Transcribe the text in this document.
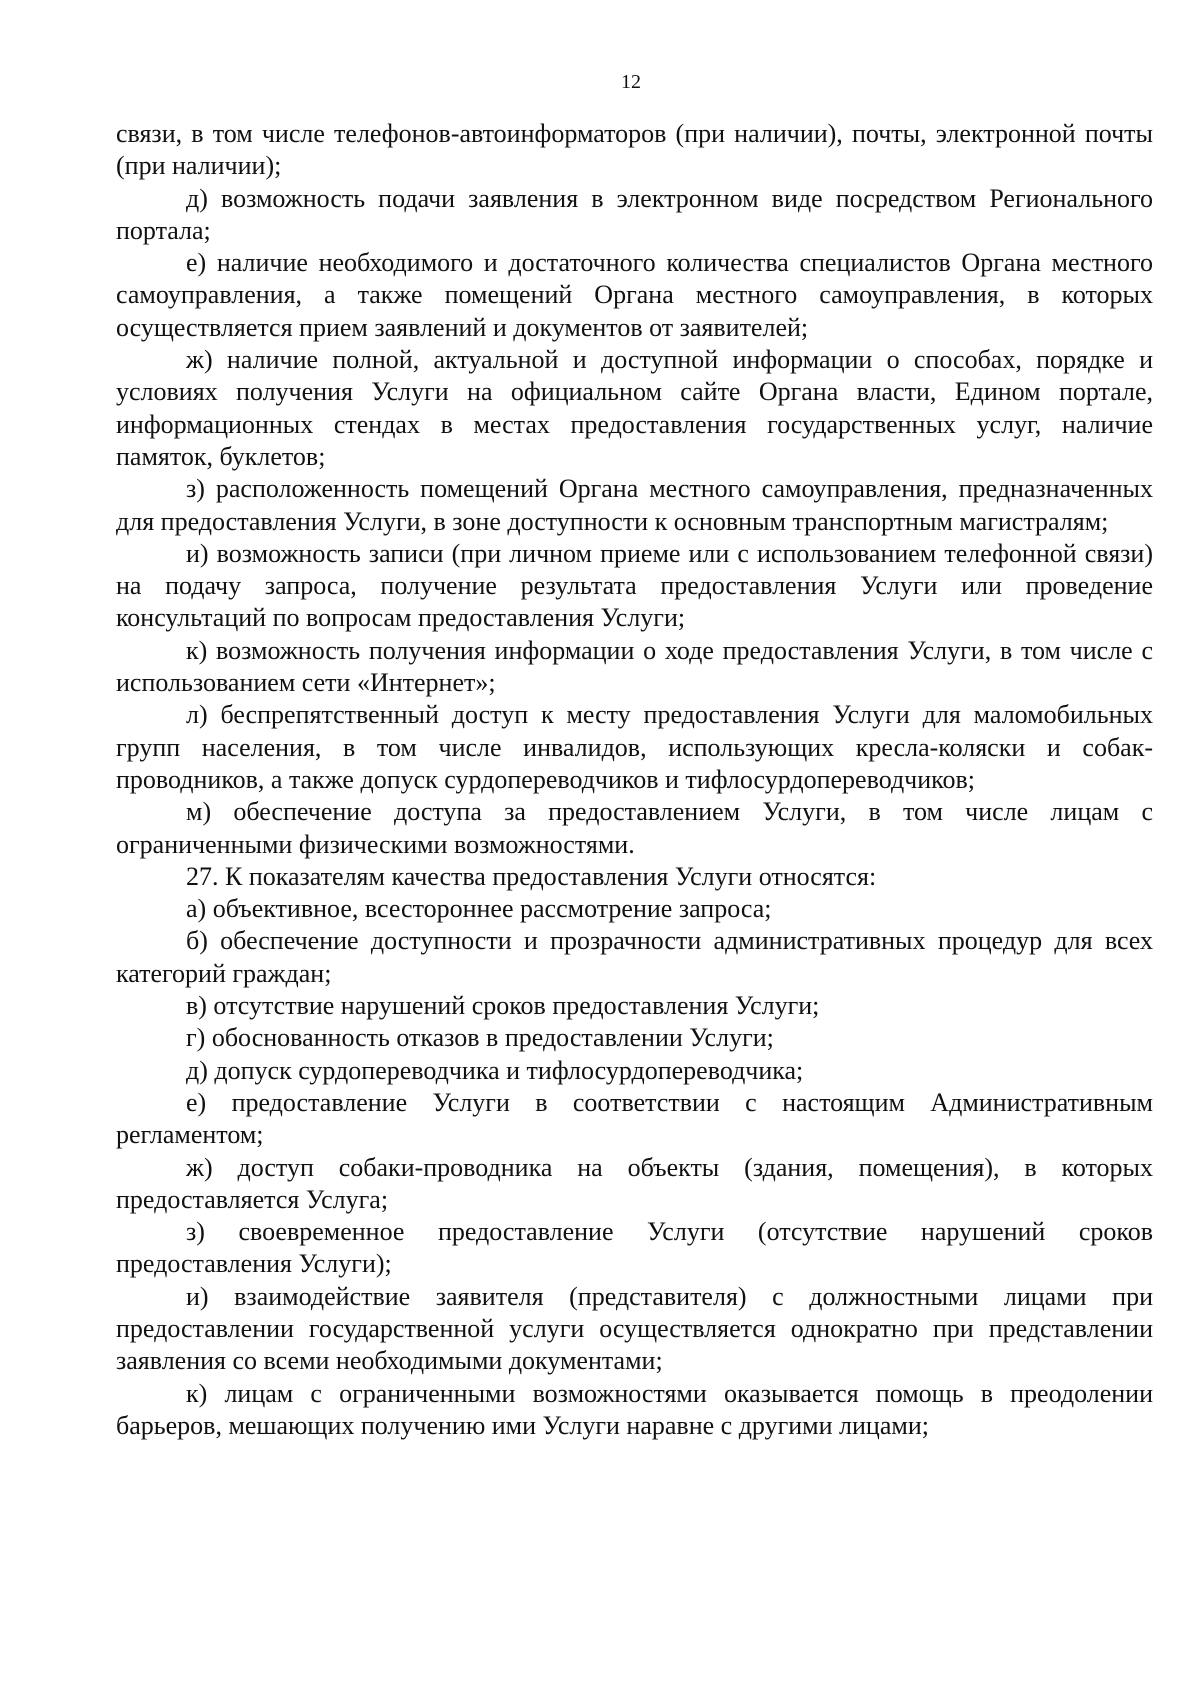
12

связи, в том числе телефонов-автоинформаторов (при наличии), почты, электронной почты (при наличии);

д) возможность подачи заявления в электронном виде посредством Регионального портала;

е) наличие необходимого и достаточного количества специалистов Органа местного самоуправления, а также помещений Органа местного самоуправления, в которых осуществляется прием заявлений и документов от заявителей;

ж) наличие полной, актуальной и доступной информации о способах, порядке и условиях получения Услуги на официальном сайте Органа власти, Едином портале, информационных стендах в местах предоставления государственных услуг, наличие памяток, буклетов;

з) расположенность помещений Органа местного самоуправления, предназначенных для предоставления Услуги, в зоне доступности к основным транспортным магистралям;

и) возможность записи (при личном приеме или с использованием телефонной связи) на подачу запроса, получение результата предоставления Услуги или проведение консультаций по вопросам предоставления Услуги;

к) возможность получения информации о ходе предоставления Услуги, в том числе с использованием сети «Интернет»;

л) беспрепятственный доступ к месту предоставления Услуги для маломобильных групп населения, в том числе инвалидов, использующих кресла-коляски и собак-проводников, а также допуск сурдопереводчиков и тифлосурдопереводчиков;

м) обеспечение доступа за предоставлением Услуги, в том числе лицам с ограниченными физическими возможностями.

27. К показателям качества предоставления Услуги относятся:

а) объективное, всестороннее рассмотрение запроса;

б) обеспечение доступности и прозрачности административных процедур для всех категорий граждан;

в) отсутствие нарушений сроков предоставления Услуги;

г) обоснованность отказов в предоставлении Услуги;

д) допуск сурдопереводчика и тифлосурдопереводчика;

е) предоставление Услуги в соответствии с настоящим Административным регламентом;

ж) доступ собаки-проводника на объекты (здания, помещения), в которых предоставляется Услуга;

з) своевременное предоставление Услуги (отсутствие нарушений сроков предоставления Услуги);

и) взаимодействие заявителя (представителя) с должностными лицами при предоставлении государственной услуги осуществляется однократно при представлении заявления со всеми необходимыми документами;

к) лицам с ограниченными возможностями оказывается помощь в преодолении барьеров, мешающих получению ими Услуги наравне с другими лицами;
